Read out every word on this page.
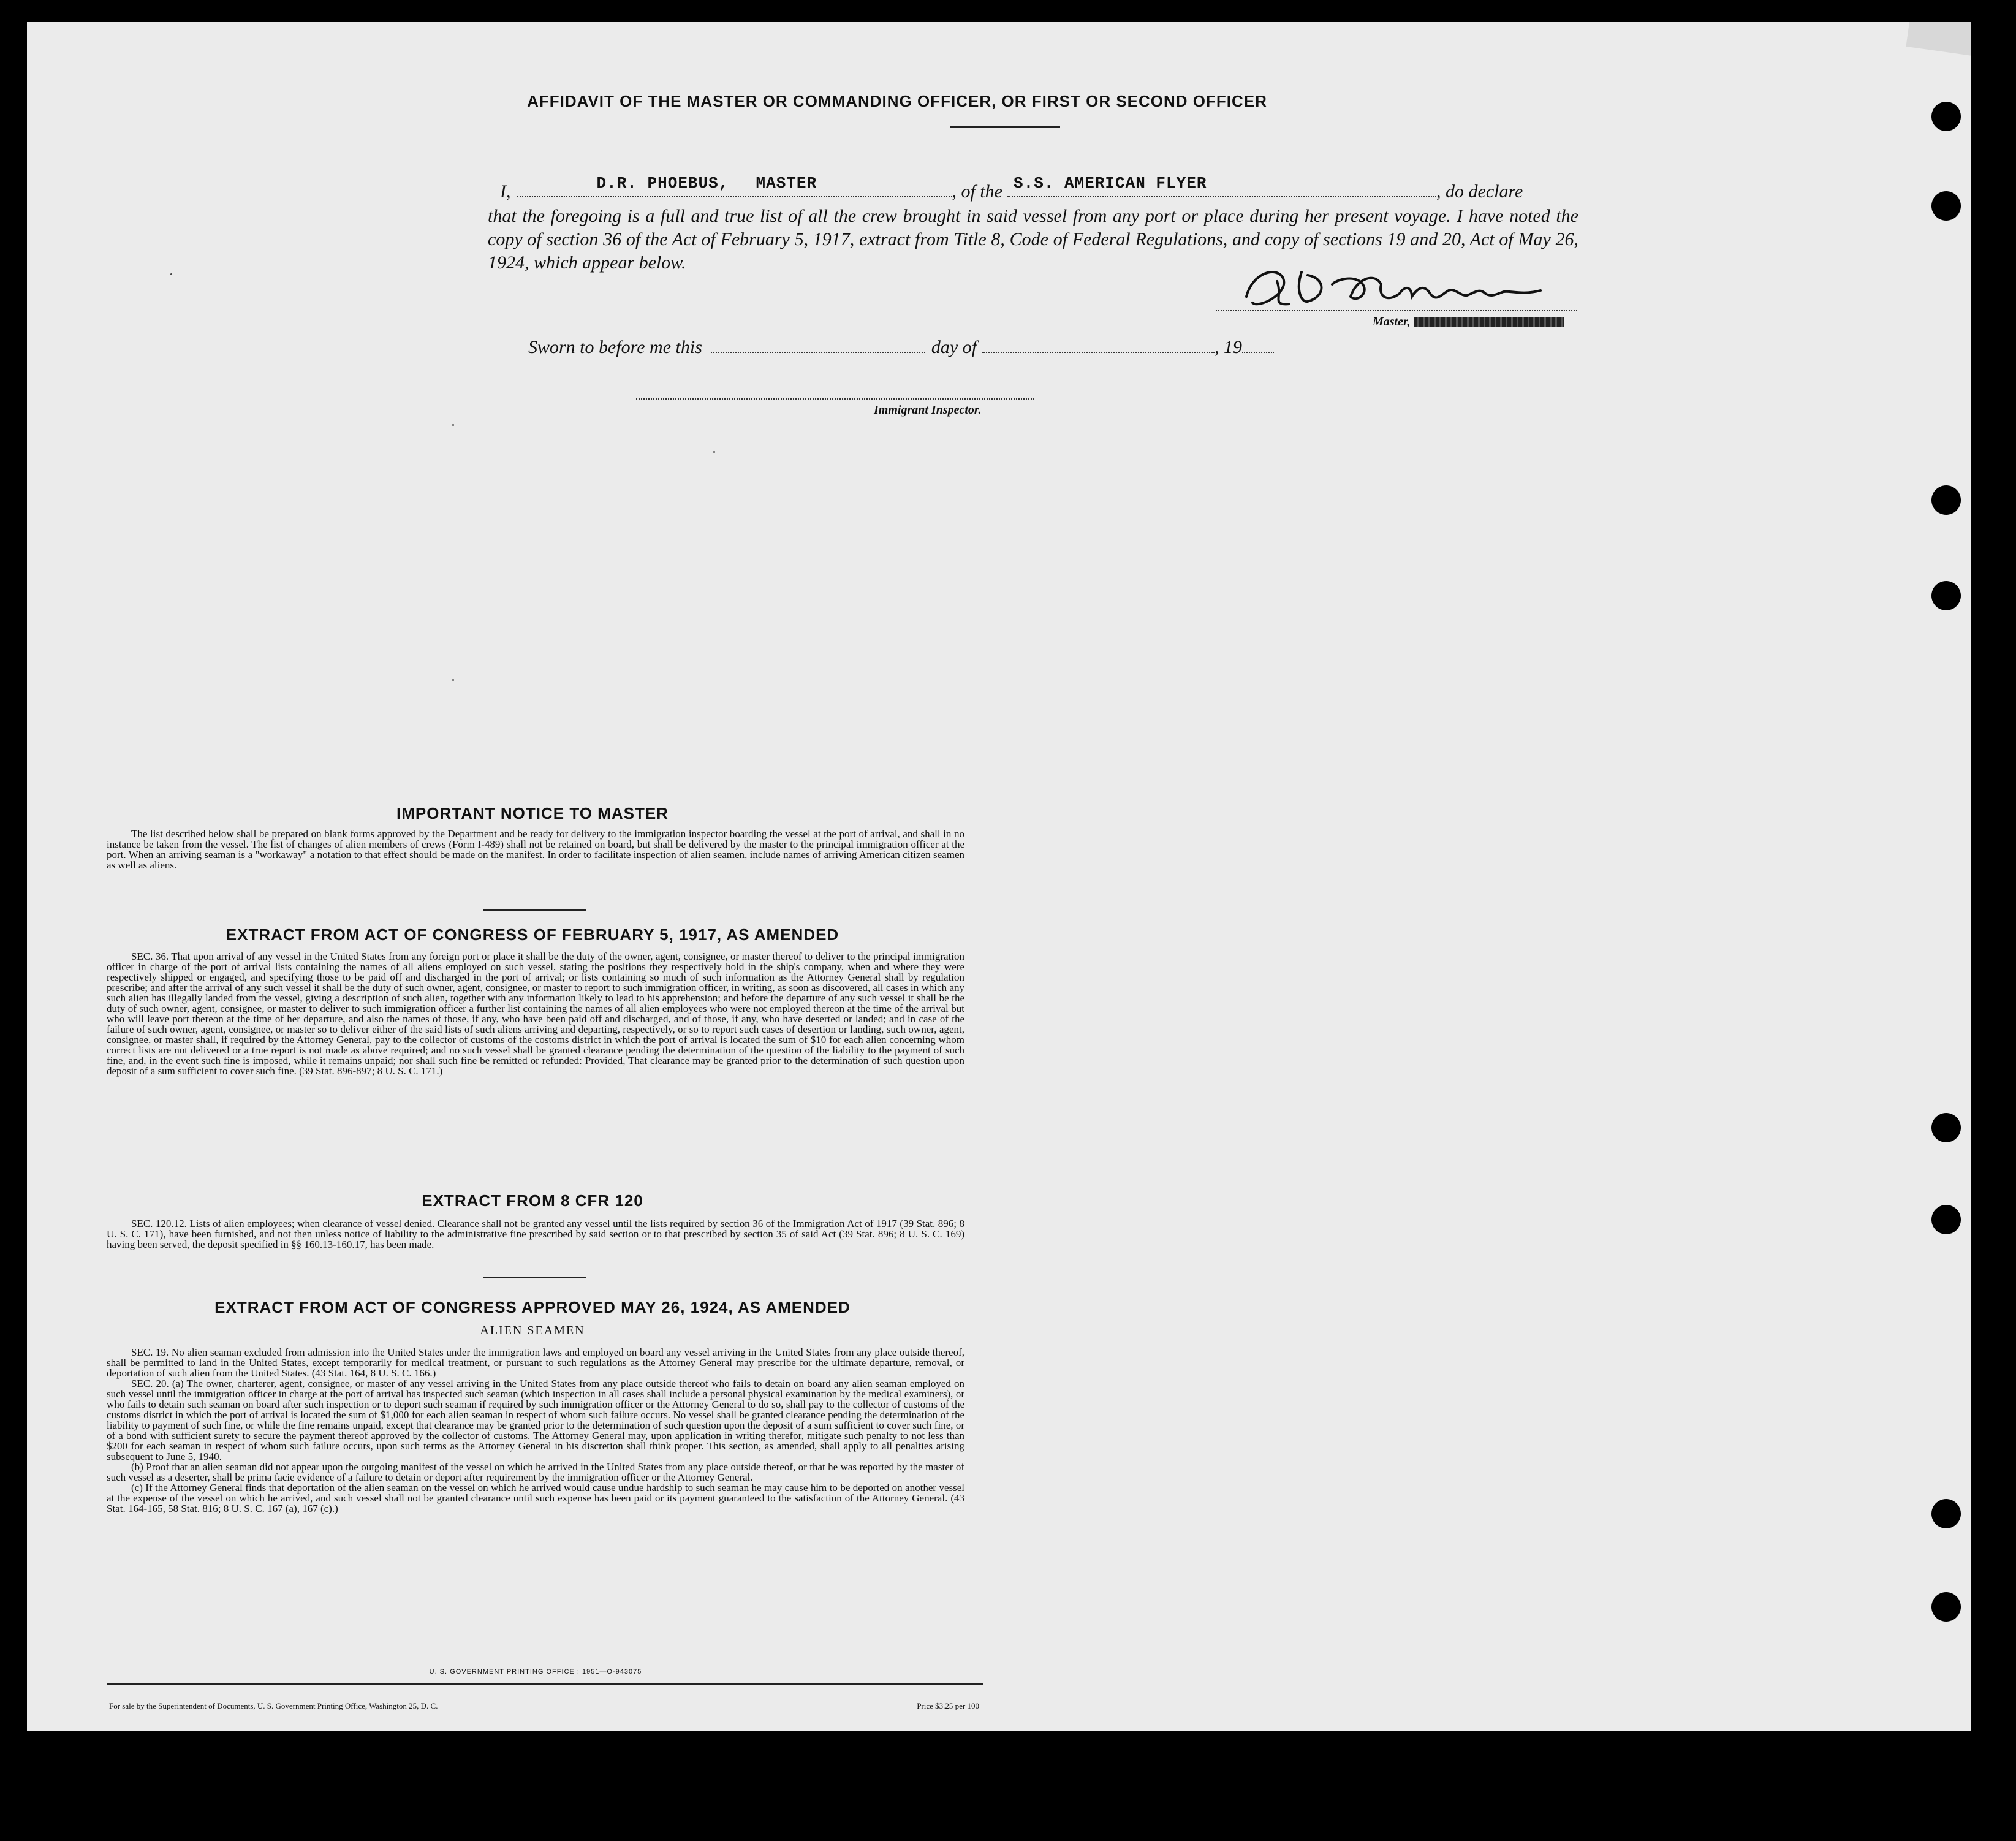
AFFIDAVIT OF THE MASTER OR COMMANDING OFFICER, OR FIRST OR SECOND OFFICER
I,	D.R. PHOEBUS, MASTER	, of the S.S. AMERICAN FLYER	, do declare
that the foregoing is a full and true list of all the crew brought in said vessel from any port or place during her present voyage. I have noted the copy of section 36 of the Act of February 5, 1917, extract from Title 8, Code of Federal Regulations, and copy of sections 19 and 20, Act of May 26, 1924, which appear below.
Master,
Sworn to before me this	day of	, 19
Immigrant Inspector.
IMPORTANT NOTICE TO MASTER

The list described below shall be prepared on blank forms approved by the Department and be ready for delivery to the immigration inspector boarding the vessel at the port of arrival, and shall in no instance be taken from the vessel. The list of changes of alien members of crews (Form I-489) shall not be retained on board, but shall be delivered by the master to the principal immigration officer at the port. When an arriving seaman is a "workaway" a notation to that effect should be made on the manifest. In order to facilitate inspection of alien seamen, include names of arriving American citizen seamen as well as aliens.

EXTRACT FROM ACT OF CONGRESS OF FEBRUARY 5, 1917, AS AMENDED

SEC. 36. That upon arrival of any vessel in the United States from any foreign port or place it shall be the duty of the owner, agent, consignee, or master thereof to deliver to the principal immigration officer in charge of the port of arrival lists containing the names of all aliens employed on such vessel, stating the positions they respectively hold in the ship's company, when and where they were respectively shipped or engaged, and specifying those to be paid off and discharged in the port of arrival; or lists containing so much of such information as the Attorney General shall by regulation prescribe; and after the arrival of any such vessel it shall be the duty of such owner, agent, consignee, or master to report to such immigration officer, in writing, as soon as discovered, all cases in which any such alien has illegally landed from the vessel, giving a description of such alien, together with any information likely to lead to his apprehension; and before the departure of any such vessel it shall be the duty of such owner, agent, consignee, or master to deliver to such immigration officer a further list containing the names of all alien employees who were not employed thereon at the time of the arrival but who will leave port thereon at the time of her departure, and also the names of those, if any, who have been paid off and discharged, and of those, if any, who have deserted or landed; and in case of the failure of such owner, agent, consignee, or master so to deliver either of the said lists of such aliens arriving and departing, respectively, or so to report such cases of desertion or landing, such owner, agent, consignee, or master shall, if required by the Attorney General, pay to the collector of customs of the costoms district in which the port of arrival is located the sum of $10 for each alien concerning whom correct lists are not delivered or a true report is not made as above required; and no such vessel shall be granted clearance pending the determination of the question of the liability to the payment of such fine, and, in the event such fine is imposed, while it remains unpaid; nor shall such fine be remitted or refunded: Provided, That clearance may be granted prior to the determination of such question upon deposit of a sum sufficient to cover such fine. (39 Stat. 896-897; 8 U. S. C. 171.)

EXTRACT FROM 8 CFR 120

SEC. 120.12. Lists of alien employees; when clearance of vessel denied. Clearance shall not be granted any vessel until the lists required by section 36 of the Immigration Act of 1917 (39 Stat. 896; 8 U. S. C. 171), have been furnished, and not then unless notice of liability to the administrative fine prescribed by said section or to that prescribed by section 35 of said Act (39 Stat. 896; 8 U. S. C. 169) having been served, the deposit specified in §§ 160.13-160.17, has been made.

EXTRACT FROM ACT OF CONGRESS APPROVED MAY 26, 1924, AS AMENDED
ALIEN SEAMEN

SEC. 19. No alien seaman excluded from admission into the United States under the immigration laws and employed on board any vessel arriving in the United States from any place outside thereof, shall be permitted to land in the United States, except temporarily for medical treatment, or pursuant to such regulations as the Attorney General may prescribe for the ultimate departure, removal, or deportation of such alien from the United States. (43 Stat. 164, 8 U. S. C. 166.)

SEC. 20. (a) The owner, charterer, agent, consignee, or master of any vessel arriving in the United States from any place outside thereof who fails to detain on board any alien seaman employed on such vessel until the immigration officer in charge at the port of arrival has inspected such seaman (which inspection in all cases shall include a personal physical examination by the medical examiners), or who fails to detain such seaman on board after such inspection or to deport such seaman if required by such immigration officer or the Attorney General to do so, shall pay to the collector of customs of the customs district in which the port of arrival is located the sum of $1,000 for each alien seaman in respect of whom such failure occurs. No vessel shall be granted clearance pending the determination of the liability to payment of such fine, or while the fine remains unpaid, except that clearance may be granted prior to the determination of such question upon the deposit of a sum sufficient to cover such fine, or of a bond with sufficient surety to secure the payment thereof approved by the collector of customs. The Attorney General may, upon application in writing therefor, mitigate such penalty to not less than $200 for each seaman in respect of whom such failure occurs, upon such terms as the Attorney General in his discretion shall think proper. This section, as amended, shall apply to all penalties arising subsequent to June 5, 1940.

(b) Proof that an alien seaman did not appear upon the outgoing manifest of the vessel on which he arrived in the United States from any place outside thereof, or that he was reported by the master of such vessel as a deserter, shall be prima facie evidence of a failure to detain or deport after requirement by the immigration officer or the Attorney General.

(c) If the Attorney General finds that deportation of the alien seaman on the vessel on which he arrived would cause undue hardship to such seaman he may cause him to be deported on another vessel at the expense of the vessel on which he arrived, and such vessel shall not be granted clearance until such expense has been paid or its payment guaranteed to the satisfaction of the Attorney General. (43 Stat. 164-165, 58 Stat. 816; 8 U. S. C. 167 (a), 167 (c).)

U. S. GOVERNMENT PRINTING OFFICE : 1951—O-943075
For sale by the Superintendent of Documents, U. S. Government Printing Office, Washington 25, D. C.	Price $3.25 per 100
